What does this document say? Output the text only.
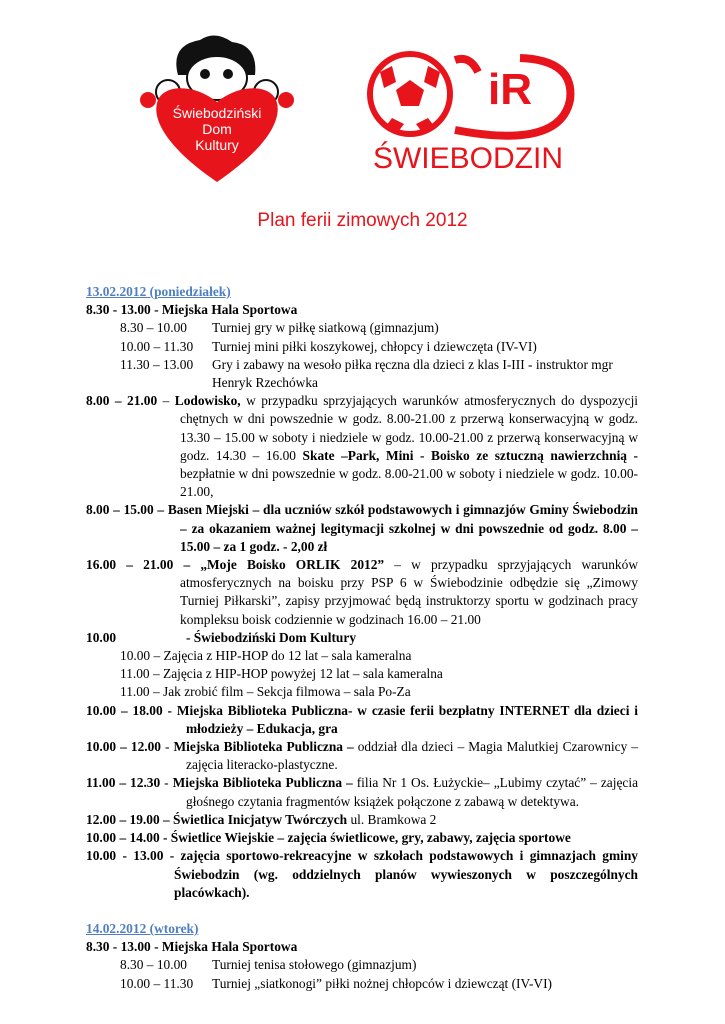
Świebodziński
Dom
Kultury
iR
ŚWIEBODZIN
Plan ferii zimowych 2012
13.02.2012 (poniedziałek)
8.30 - 13.00 - Miejska Hala Sportowa
8.30 – 10.00	Turniej gry w piłkę siatkową (gimnazjum)
10.00 – 11.30	Turniej mini piłki koszykowej, chłopcy i dziewczęta (IV-VI)
11.30 – 13.00	Gry i zabawy na wesoło piłka ręczna dla dzieci z klas I-III - instruktor mgr Henryk Rzechówka
8.00 – 21.00 – Lodowisko, w przypadku sprzyjających warunków atmosferycznych do dyspozycji chętnych w dni powszednie w godz. 8.00-21.00 z przerwą konserwacyjną w godz. 13.30 – 15.00 w soboty i niedziele w godz. 10.00-21.00 z przerwą konserwacyjną w godz. 14.30 – 16.00 Skate –Park, Mini - Boisko ze sztuczną nawierzchnią - bezpłatnie w dni powszednie w godz. 8.00-21.00 w soboty i niedziele w godz. 10.00-21.00,
8.00 – 15.00 – Basen Miejski – dla uczniów szkół podstawowych i gimnazjów Gminy Świebodzin – za okazaniem ważnej legitymacji szkolnej w dni powszednie od godz. 8.00 – 15.00 – za 1 godz. - 2,00 zł
16.00 – 21.00 – „Moje Boisko ORLIK 2012” – w przypadku sprzyjających warunków atmosferycznych na boisku przy PSP 6 w Świebodzinie odbędzie się „Zimowy Turniej Piłkarski”, zapisy przyjmować będą instruktorzy sportu w godzinach pracy kompleksu boisk codziennie w godzinach 16.00 – 21.00
10.00	- Świebodziński Dom Kultury
10.00 – Zajęcia z HIP-HOP do 12 lat – sala kameralna
11.00 – Zajęcia z HIP-HOP powyżej 12 lat – sala kameralna
11.00 – Jak zrobić film – Sekcja filmowa – sala Po-Za
10.00 – 18.00 - Miejska Biblioteka Publiczna- w czasie ferii bezpłatny INTERNET dla dzieci i młodzieży – Edukacja, gra
10.00 – 12.00 - Miejska Biblioteka Publiczna – oddział dla dzieci – Magia Malutkiej Czarownicy – zajęcia literacko-plastyczne.
11.00 – 12.30 - Miejska Biblioteka Publiczna – filia Nr 1 Os. Łużyckie– „Lubimy czytać” – zajęcia głośnego czytania fragmentów książek połączone z zabawą w detektywa.
12.00 – 19.00 – Świetlica Inicjatyw Twórczych ul. Bramkowa 2
10.00 – 14.00 - Świetlice Wiejskie – zajęcia świetlicowe, gry, zabawy, zajęcia sportowe
10.00 - 13.00 - zajęcia sportowo-rekreacyjne w szkołach podstawowych i gimnazjach gminy Świebodzin (wg. oddzielnych planów wywieszonych w poszczególnych placówkach).
14.02.2012 (wtorek)
8.30 - 13.00 - Miejska Hala Sportowa
8.30 – 10.00	Turniej tenisa stołowego (gimnazjum)
10.00 – 11.30	Turniej „siatkonogi” piłki nożnej chłopców i dziewcząt (IV-VI)
